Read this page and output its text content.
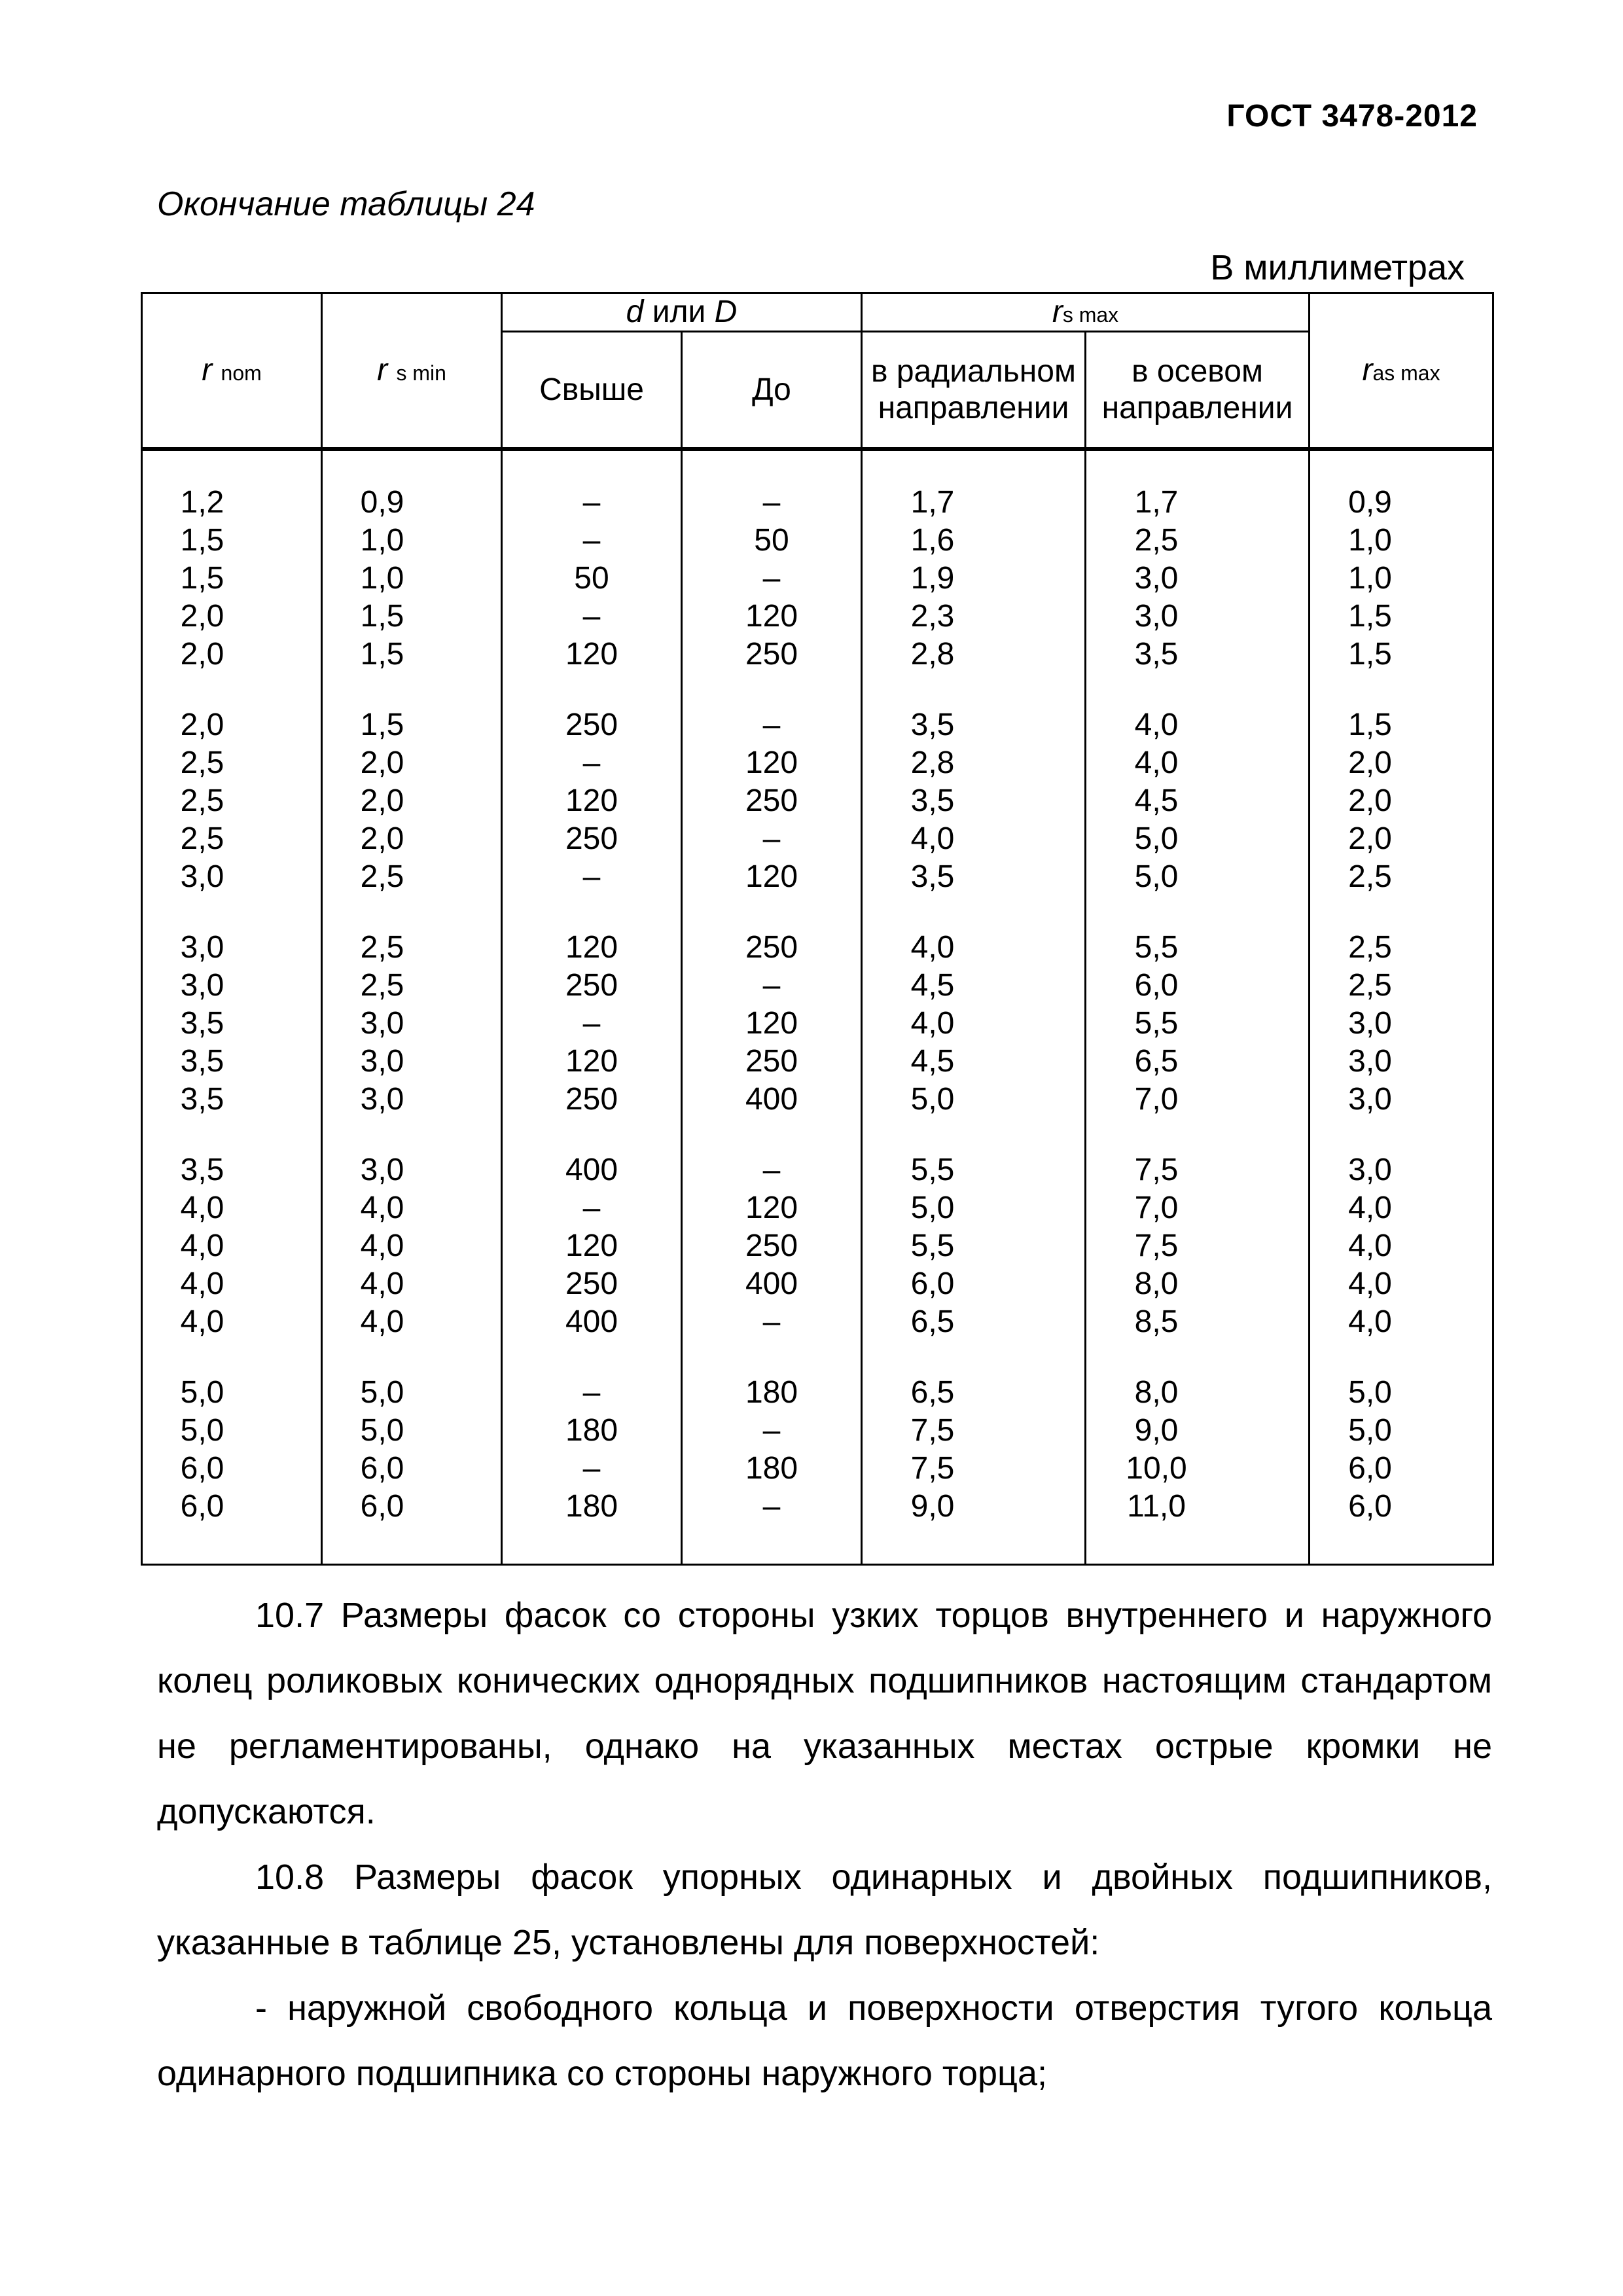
ГОСТ 3478-2012
Окончание таблицы 24
В миллиметрах
r nom	r s min	d или D		rs max		ras max
		Свыше	До	в радиальном направлении	в осевом направлении	
1,2	0,9	–	–	1,7	1,7	0,9
1,5	1,0	–	50	1,6	2,5	1,0
1,5	1,0	50	–	1,9	3,0	1,0
2,0	1,5	–	120	2,3	3,0	1,5
2,0	1,5	120	250	2,8	3,5	1,5

2,0	1,5	250	–	3,5	4,0	1,5
2,5	2,0	–	120	2,8	4,0	2,0
2,5	2,0	120	250	3,5	4,5	2,0
2,5	2,0	250	–	4,0	5,0	2,0
3,0	2,5	–	120	3,5	5,0	2,5

3,0	2,5	120	250	4,0	5,5	2,5
3,0	2,5	250	–	4,5	6,0	2,5
3,5	3,0	–	120	4,0	5,5	3,0
3,5	3,0	120	250	4,5	6,5	3,0
3,5	3,0	250	400	5,0	7,0	3,0

3,5	3,0	400	–	5,5	7,5	3,0
4,0	4,0	–	120	5,0	7,0	4,0
4,0	4,0	120	250	5,5	7,5	4,0
4,0	4,0	250	400	6,0	8,0	4,0
4,0	4,0	400	–	6,5	8,5	4,0

5,0	5,0	–	180	6,5	8,0	5,0
5,0	5,0	180	–	7,5	9,0	5,0
6,0	6,0	–	180	7,5	10,0	6,0
6,0	6,0	180	–	9,0	11,0	6,0

10.7 Размеры фасок со стороны узких торцов внутреннего и наружного колец роликовых конических однорядных подшипников настоящим стандартом не регламентированы, однако на указанных местах острые кромки не допускаются.

10.8 Размеры фасок упорных одинарных и двойных подшипников, указанные в таблице 25, установлены для поверхностей:

- наружной свободного кольца и поверхности отверстия тугого кольца одинарного подшипника со стороны наружного торца;
